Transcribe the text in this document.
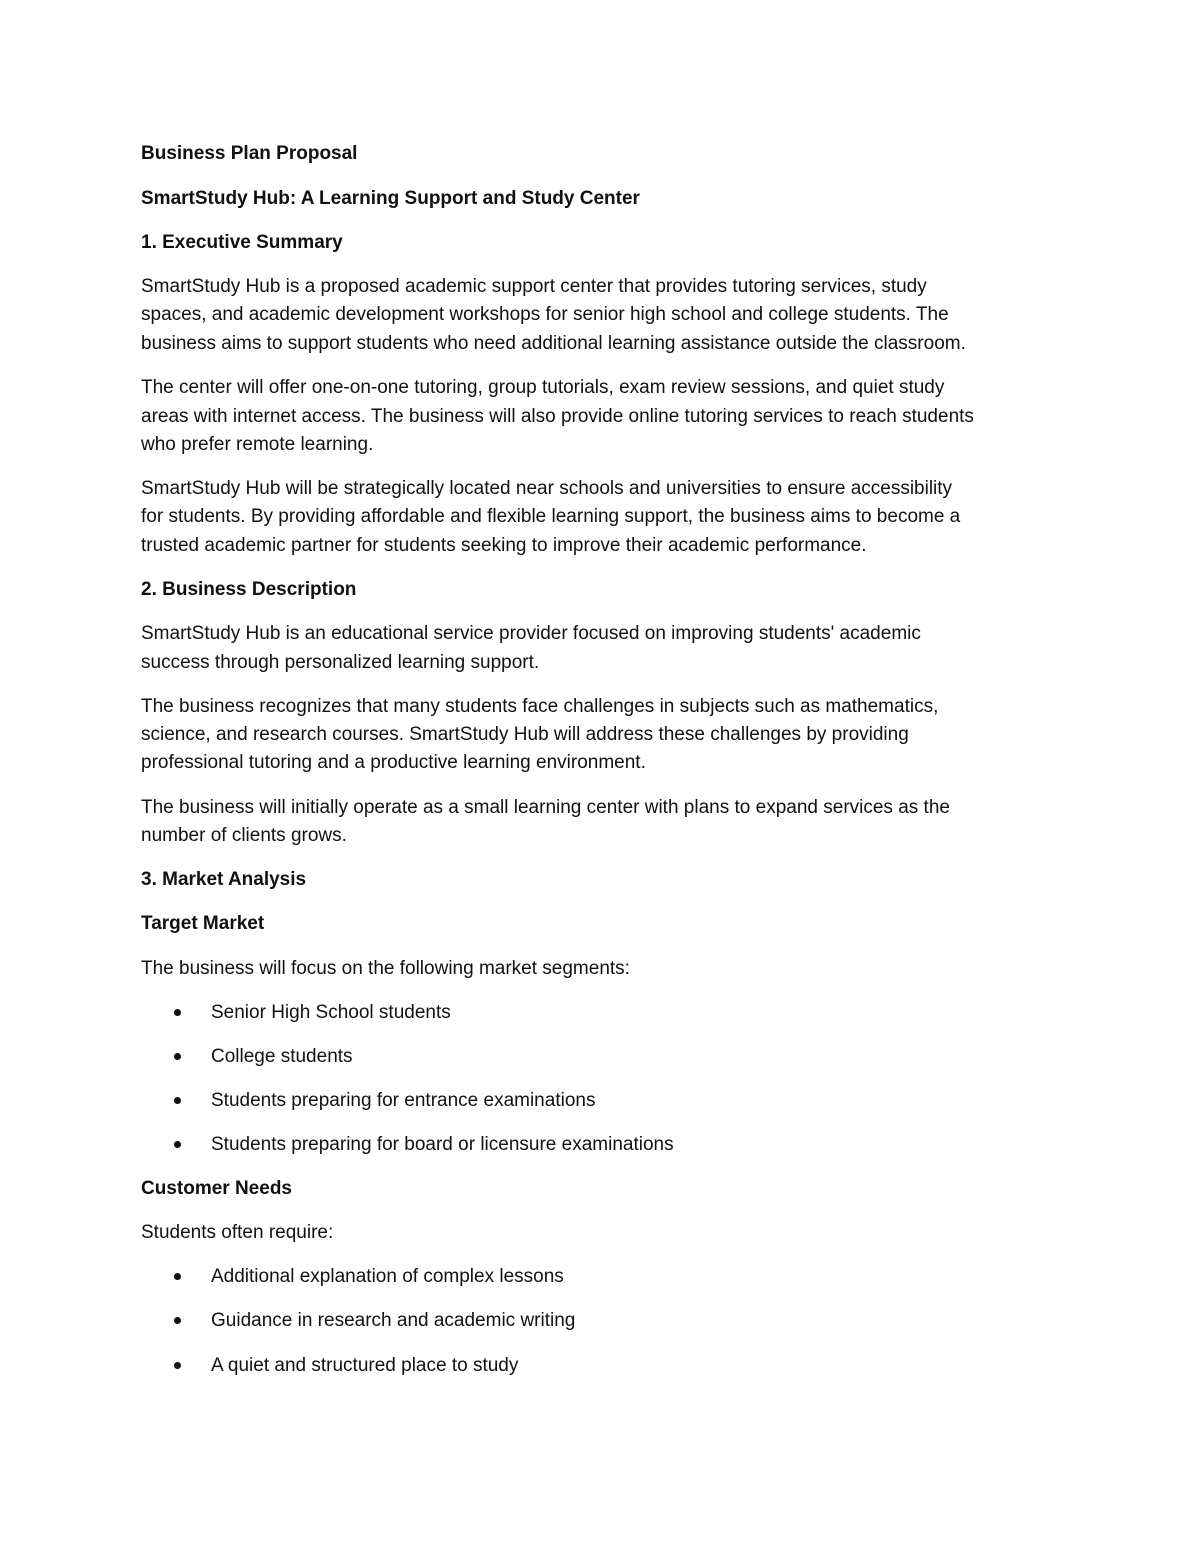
Business Plan Proposal
SmartStudy Hub: A Learning Support and Study Center
1. Executive Summary
SmartStudy Hub is a proposed academic support center that provides tutoring services, study
spaces, and academic development workshops for senior high school and college students. The
business aims to support students who need additional learning assistance outside the classroom.
The center will offer one-on-one tutoring, group tutorials, exam review sessions, and quiet study
areas with internet access. The business will also provide online tutoring services to reach students
who prefer remote learning.
SmartStudy Hub will be strategically located near schools and universities to ensure accessibility
for students. By providing affordable and flexible learning support, the business aims to become a
trusted academic partner for students seeking to improve their academic performance.
2. Business Description
SmartStudy Hub is an educational service provider focused on improving students' academic
success through personalized learning support.
The business recognizes that many students face challenges in subjects such as mathematics,
science, and research courses. SmartStudy Hub will address these challenges by providing
professional tutoring and a productive learning environment.
The business will initially operate as a small learning center with plans to expand services as the
number of clients grows.
3. Market Analysis
Target Market
The business will focus on the following market segments:
Senior High School students
College students
Students preparing for entrance examinations
Students preparing for board or licensure examinations
Customer Needs
Students often require:
Additional explanation of complex lessons
Guidance in research and academic writing
A quiet and structured place to study
